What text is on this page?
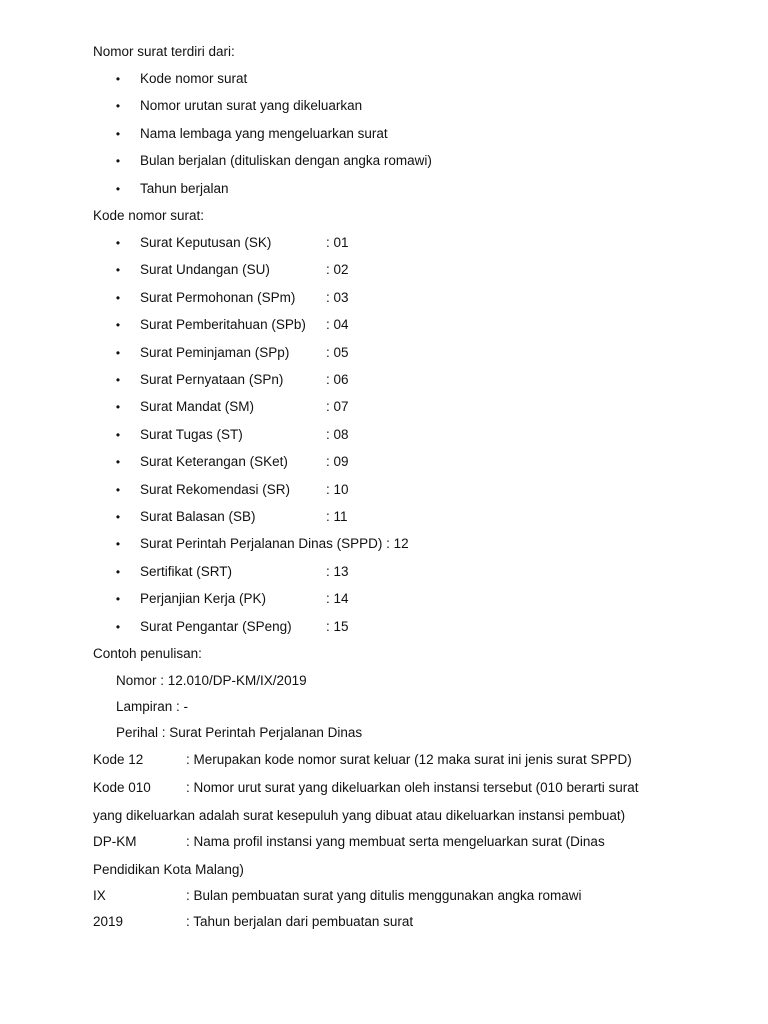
Nomor surat terdiri dari:
• Kode nomor surat
• Nomor urutan surat yang dikeluarkan
• Nama lembaga yang mengeluarkan surat
• Bulan berjalan (dituliskan dengan angka romawi)
• Tahun berjalan
Kode nomor surat:
• Surat Keputusan (SK)	: 01
• Surat Undangan (SU)	: 02
• Surat Permohonan (SPm) : 03
• Surat Pemberitahuan (SPb) : 04
• Surat Peminjaman (SPp)	: 05
• Surat Pernyataan (SPn)	: 06
• Surat Mandat (SM)	: 07
• Surat Tugas (ST)	: 08
• Surat Keterangan (SKet)	: 09
• Surat Rekomendasi (SR)	: 10
• Surat Balasan (SB)	: 11
• Surat Perintah Perjalanan Dinas (SPPD) : 12
• Sertifikat (SRT)	: 13
• Perjanjian Kerja (PK)	: 14
• Surat Pengantar (SPeng)	: 15
Contoh penulisan:
Nomor : 12.010/DP-KM/IX/2019
Lampiran : -
Perihal : Surat Perintah Perjalanan Dinas
Kode 12	: Merupakan kode nomor surat keluar (12 maka surat ini jenis surat SPPD)
Kode 010	: Nomor urut surat yang dikeluarkan oleh instansi tersebut (010 berarti surat
yang dikeluarkan adalah surat kesepuluh yang dibuat atau dikeluarkan instansi pembuat)
DP-KM	: Nama profil instansi yang membuat serta mengeluarkan surat (Dinas
Pendidikan Kota Malang)
IX	: Bulan pembuatan surat yang ditulis menggunakan angka romawi
2019	: Tahun berjalan dari pembuatan surat
